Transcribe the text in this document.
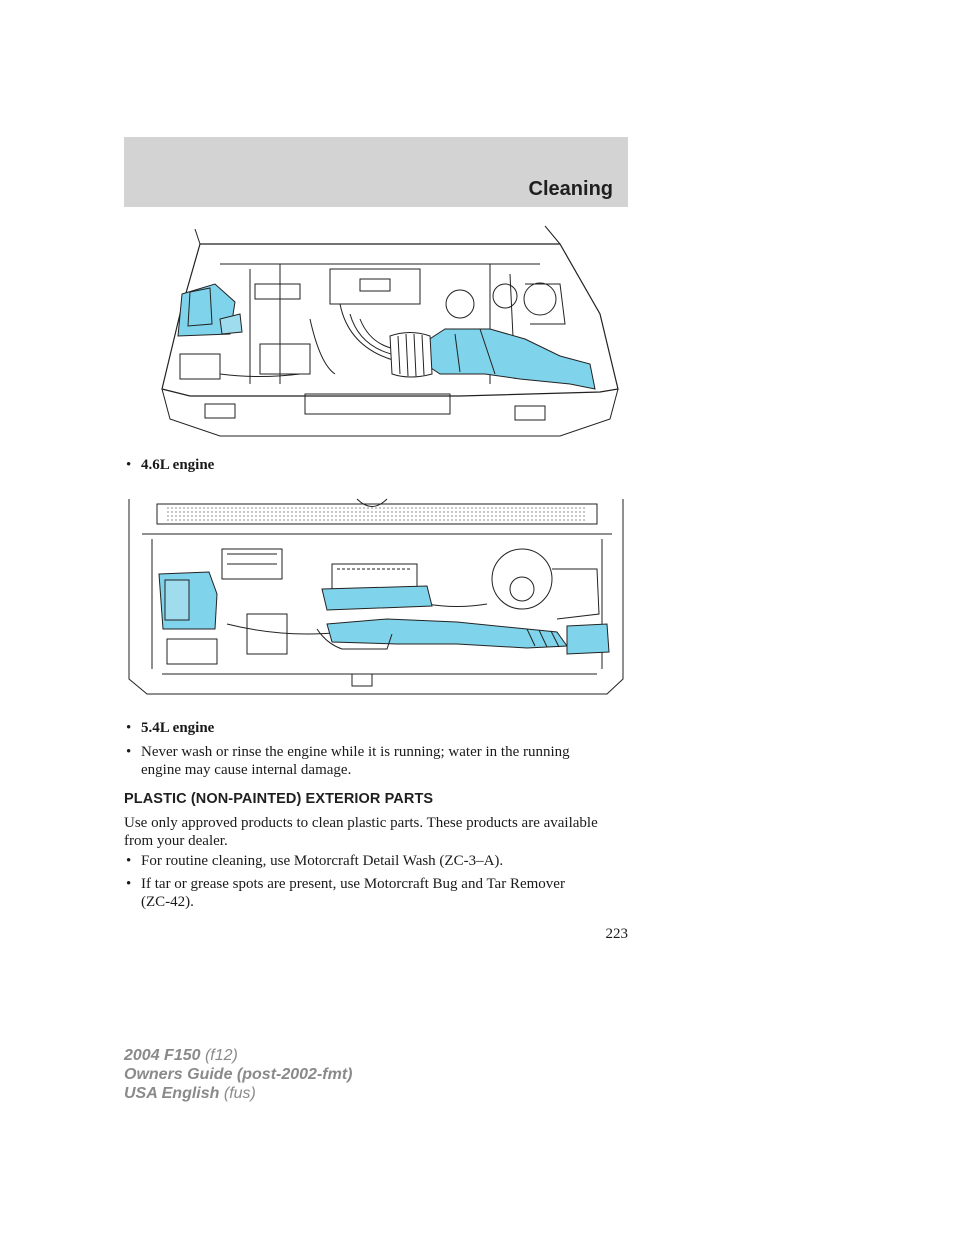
Cleaning
• 4.6L engine
• 5.4L engine
• Never wash or rinse the engine while it is running; water in the running engine may cause internal damage.
PLASTIC (NON-PAINTED) EXTERIOR PARTS
Use only approved products to clean plastic parts. These products are available from your dealer.
• For routine cleaning, use Motorcraft Detail Wash (ZC-3–A).
• If tar or grease spots are present, use Motorcraft Bug and Tar Remover (ZC-42).
223
2004 F150 (f12)
Owners Guide (post-2002-fmt)
USA English (fus)
